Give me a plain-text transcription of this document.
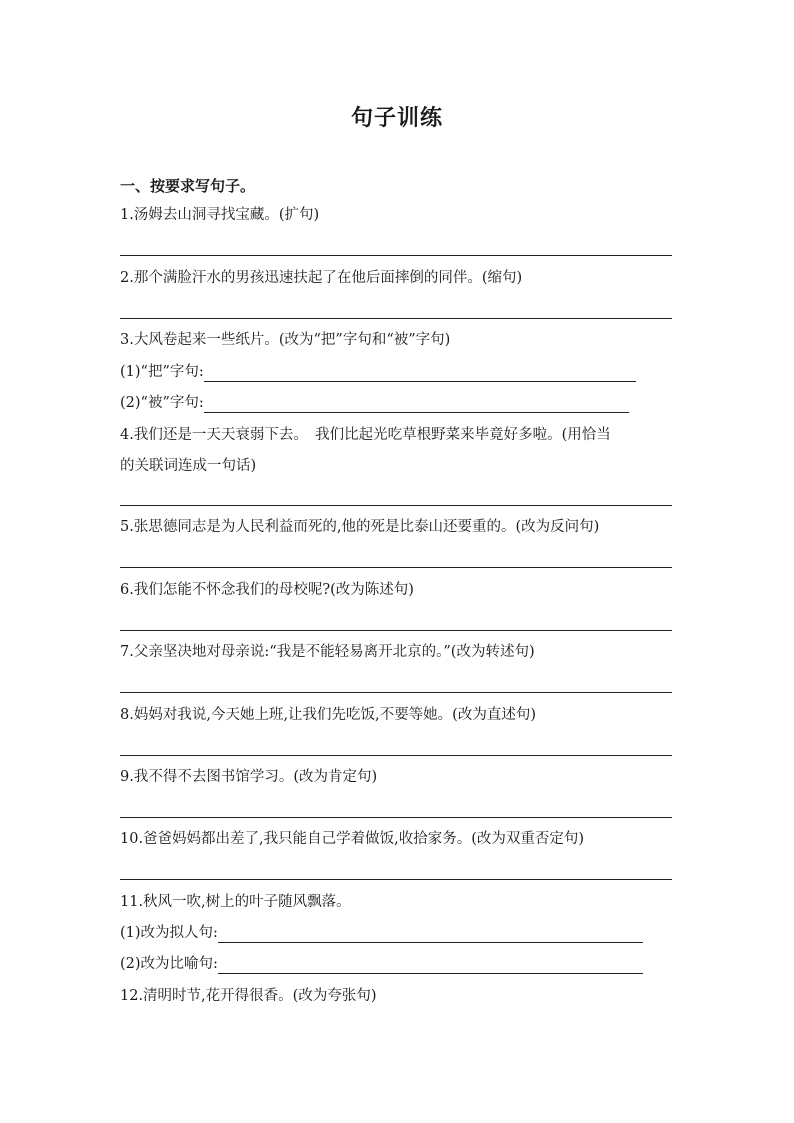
句子训练
一、按要求写句子。
1.汤姆去山洞寻找宝藏。(扩句)
2.那个满脸汗水的男孩迅速扶起了在他后面摔倒的同伴。(缩句)
3.大风卷起来一些纸片。(改为“把”字句和“被”字句)
(1)“把”字句:
(2)“被”字句:
4.我们还是一天天衰弱下去。　我们比起光吃草根野菜来毕竟好多啦。(用恰当
的关联词连成一句话)
5.张思德同志是为人民利益而死的,他的死是比泰山还要重的。(改为反问句)
6.我们怎能不怀念我们的母校呢?(改为陈述句)
7.父亲坚决地对母亲说:“我是不能轻易离开北京的。”(改为转述句)
8.妈妈对我说,今天她上班,让我们先吃饭,不要等她。(改为直述句)
9.我不得不去图书馆学习。(改为肯定句)
10.爸爸妈妈都出差了,我只能自己学着做饭,收拾家务。(改为双重否定句)
11.秋风一吹,树上的叶子随风飘落。
(1)改为拟人句:
(2)改为比喻句:
12.清明时节,花开得很香。(改为夸张句)
